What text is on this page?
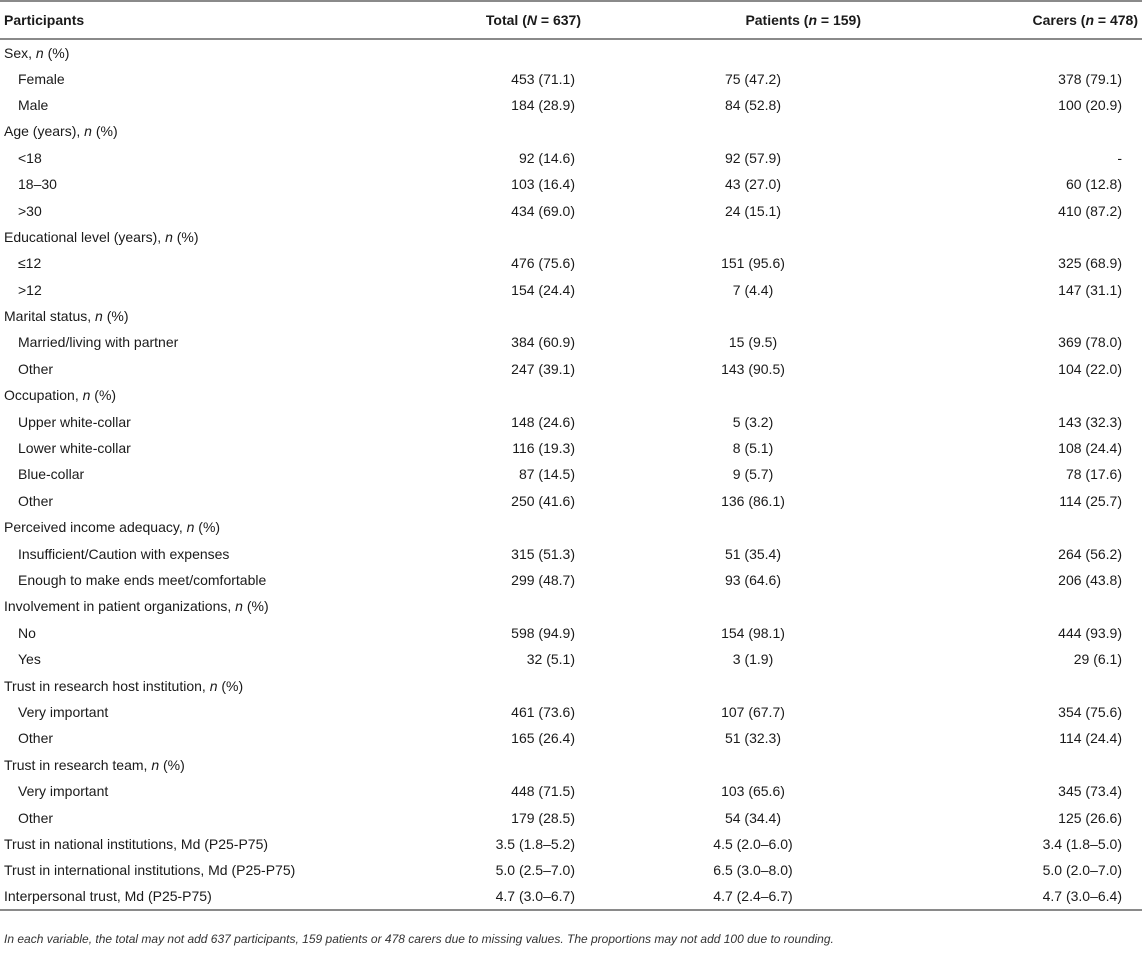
Participants	Total (N = 637)	Patients (n = 159)	Carers (n = 478)
Sex, n (%)			
Female	453 (71.1)	75 (47.2)	378 (79.1)
Male	184 (28.9)	84 (52.8)	100 (20.9)
Age (years), n (%)			
<18	92 (14.6)	92 (57.9)	-
18–30	103 (16.4)	43 (27.0)	60 (12.8)
>30	434 (69.0)	24 (15.1)	410 (87.2)
Educational level (years), n (%)			
≤12	476 (75.6)	151 (95.6)	325 (68.9)
>12	154 (24.4)	7 (4.4)	147 (31.1)
Marital status, n (%)			
Married/living with partner	384 (60.9)	15 (9.5)	369 (78.0)
Other	247 (39.1)	143 (90.5)	104 (22.0)
Occupation, n (%)			
Upper white-collar	148 (24.6)	5 (3.2)	143 (32.3)
Lower white-collar	116 (19.3)	8 (5.1)	108 (24.4)
Blue-collar	87 (14.5)	9 (5.7)	78 (17.6)
Other	250 (41.6)	136 (86.1)	114 (25.7)
Perceived income adequacy, n (%)			
Insufficient/Caution with expenses	315 (51.3)	51 (35.4)	264 (56.2)
Enough to make ends meet/comfortable	299 (48.7)	93 (64.6)	206 (43.8)
Involvement in patient organizations, n (%)			
No	598 (94.9)	154 (98.1)	444 (93.9)
Yes	32 (5.1)	3 (1.9)	29 (6.1)
Trust in research host institution, n (%)			
Very important	461 (73.6)	107 (67.7)	354 (75.6)
Other	165 (26.4)	51 (32.3)	114 (24.4)
Trust in research team, n (%)			
Very important	448 (71.5)	103 (65.6)	345 (73.4)
Other	179 (28.5)	54 (34.4)	125 (26.6)
Trust in national institutions, Md (P25-P75)	3.5 (1.8–5.2)	4.5 (2.0–6.0)	3.4 (1.8–5.0)
Trust in international institutions, Md (P25-P75)	5.0 (2.5–7.0)	6.5 (3.0–8.0)	5.0 (2.0–7.0)
Interpersonal trust, Md (P25-P75)	4.7 (3.0–6.7)	4.7 (2.4–6.7)	4.7 (3.0–6.4)
In each variable, the total may not add 637 participants, 159 patients or 478 carers due to missing values. The proportions may not add 100 due to rounding.
